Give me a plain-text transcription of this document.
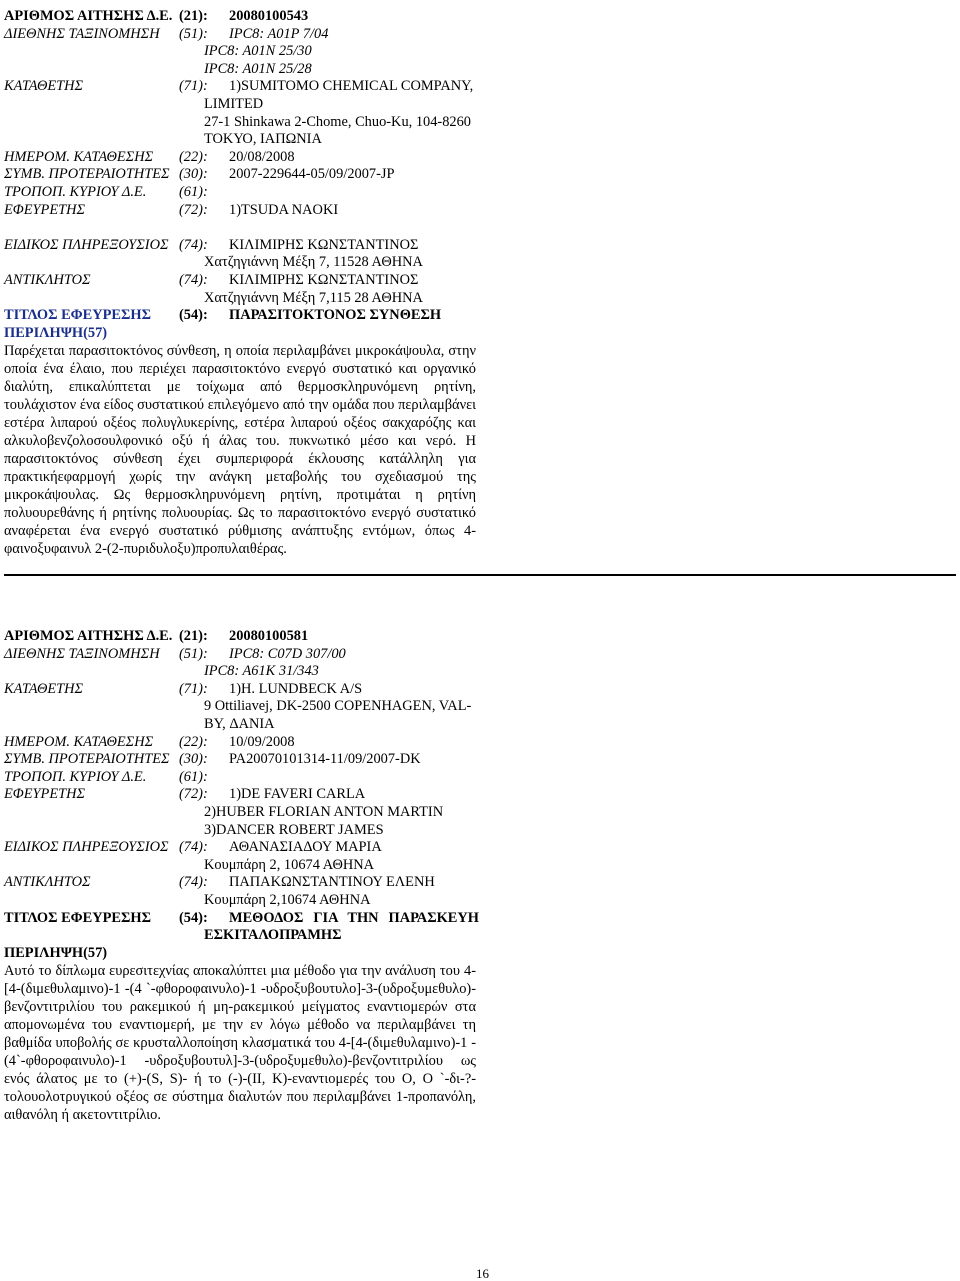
ΑΡΙΘΜΟΣ ΑΙΤΗΣΗΣ Δ.Ε. (21): 20080100543
ΔΙΕΘΝΗΣ ΤΑΞΙΝΟΜΗΣΗ (51): IPC8: A01P 7/04
IPC8: A01N 25/30
IPC8: A01N 25/28
ΚΑΤΑΘΕΤΗΣ	(71): 1)SUMITOMO CHEMICAL COMPANY,
LIMITED
27-1 Shinkawa 2-Chome, Chuo-Ku, 104-8260
ΤΟΚΥΟ, ΙΑΠΩΝΙΑ
ΗΜΕΡΟΜ. ΚΑΤΑΘΕΣΗΣ (22): 20/08/2008
ΣΥΜΒ. ΠΡΟΤΕΡΑΙΟΤΗΤΕΣ (30): 2007-229644-05/09/2007-JP
ΤΡΟΠΟΠ. ΚΥΡΙΟΥ Δ.Ε. (61):
ΕΦΕΥΡΕΤΗΣ	(72): 1)TSUDA NAOKI
ΕΙΔΙΚΟΣ ΠΛΗΡΕΞΟΥΣΙΟΣ (74): ΚΙΛΙΜΙΡΗΣ ΚΩΝΣΤΑΝΤΙΝΟΣ
Χατζηγιάννη Μέξη 7, 11528 ΑΘΗΝΑ
ΑΝΤΙΚΛΗΤΟΣ	(74): ΚΙΛΙΜΙΡΗΣ ΚΩΝΣΤΑΝΤΙΝΟΣ
Χατζηγιάννη Μέξη 7,115 28 ΑΘΗΝΑ
ΤΙΤΛΟΣ ΕΦΕΥΡΕΣΗΣ (54): ΠΑΡΑΣΙΤΟΚΤΟΝΟΣ ΣΥΝΘΕΣΗ
ΠΕΡΙΛΗΨΗ(57)
Παρέχεται παρασιτοκτόνος σύνθεση, η οποία περιλαμβάνει μικροκάψουλα, στην οποία ένα έλαιο, που περιέχει παρασιτοκτόνο ενεργό συστατικό και οργανικό διαλύτη, επικαλύπτεται με τοίχωμα από θερμοσκληρυνόμενη ρητίνη, τουλάχιστον ένα είδος συστατικού επιλεγόμενο από την ομάδα που περιλαμβάνει εστέρα λιπαρού οξέος πολυγλυκερίνης, εστέρα λιπαρού οξέος σακχαρόζης και αλκυλοβενζολοσουλφονικό οξύ ή άλας του. πυκνωτικό μέσο και νερό. Η παρασιτοκτόνος σύνθεση έχει συμπεριφορά έκλουσης κατάλληλη για πρακτικήεφαρμογή χωρίς την ανάγκη μεταβολής του σχεδιασμού της μικροκάψουλας. Ως θερμοσκληρυνόμενη ρητίνη, προτιμάται η ρητίνη πολυουρεθάνης ή ρητίνης πολυουρίας. Ως το παρασιτοκτόνο ενεργό συστατικό αναφέρεται ένα ενεργό συστατικό ρύθμισης ανάπτυξης εντόμων, όπως 4-φαινοξυφαινυλ 2-(2-πυριδυλοξυ)προπυλαιθέρας.
ΑΡΙΘΜΟΣ ΑΙΤΗΣΗΣ Δ.Ε. (21): 20080100581
ΔΙΕΘΝΗΣ ΤΑΞΙΝΟΜΗΣΗ (51): IPC8: C07D 307/00
IPC8: A61K 31/343
ΚΑΤΑΘΕΤΗΣ	(71): 1)H. LUNDBECK A/S
9 Ottiliavej, DK-2500 COPENHAGEN, VAL-
BY, ΔΑΝΙΑ
ΗΜΕΡΟΜ. ΚΑΤΑΘΕΣΗΣ (22): 10/09/2008
ΣΥΜΒ. ΠΡΟΤΕΡΑΙΟΤΗΤΕΣ (30): PA20070101314-11/09/2007-DK
ΤΡΟΠΟΠ. ΚΥΡΙΟΥ Δ.Ε. (61):
ΕΦΕΥΡΕΤΗΣ	(72): 1)DE FAVERI CARLA
2)HUBER FLORIAN ANTON MARTIN
3)DANCER ROBERT JAMES
ΕΙΔΙΚΟΣ ΠΛΗΡΕΞΟΥΣΙΟΣ (74): ΑΘΑΝΑΣΙΑΔΟΥ ΜΑΡΙΑ
Κουμπάρη 2, 10674 ΑΘΗΝΑ
ΑΝΤΙΚΛΗΤΟΣ	(74): ΠΑΠΑΚΩΝΣΤΑΝΤΙΝΟΥ ΕΛΕΝΗ
Κουμπάρη 2,10674 ΑΘΗΝΑ
ΤΙΤΛΟΣ ΕΦΕΥΡΕΣΗΣ (54): ΜΕΘΟΔΟΣ ΓΙΑ ΤΗΝ ΠΑΡΑΣΚΕΥΗ
ΕΣΚΙΤΑΛΟΠΡΑΜΗΣ
ΠΕΡΙΛΗΨΗ(57)
Αυτό το δίπλωμα ευρεσιτεχνίας αποκαλύπτει μια μέθοδο για την ανάλυση του 4-[4-(διμεθυλαμινο)-1 -(4 `-φθοροφαινυλο)-1 -υδροξυβουτυλο]-3-(υδροξυμεθυλο)-βενζοντιτριλίου του ρακεμικού ή μη-ρακεμικού μείγματος εναντιομερών στα απομονωμένα του εναντιομερή, με την εν λόγω μέθοδο να περιλαμβάνει τη βαθμίδα υποβολής σε κρυσταλλοποίηση κλασματικά του 4-[4-(διμεθυλαμινο)-1 -(4`-φθοροφαινυλο)-1 -υδροξυβουτυλ]-3-(υδροξυμεθυλο)-βενζοντιτριλίου ως ενός άλατος με το (+)-(S, S)- ή το (-)-(II, K)-εναντιομερές του O, O `-δι-?-τολουολοτρυγικού οξέος σε σύστημα διαλυτών που περιλαμβάνει 1-προπανόλη, αιθανόλη ή ακετοντιτρίλιο.
16
